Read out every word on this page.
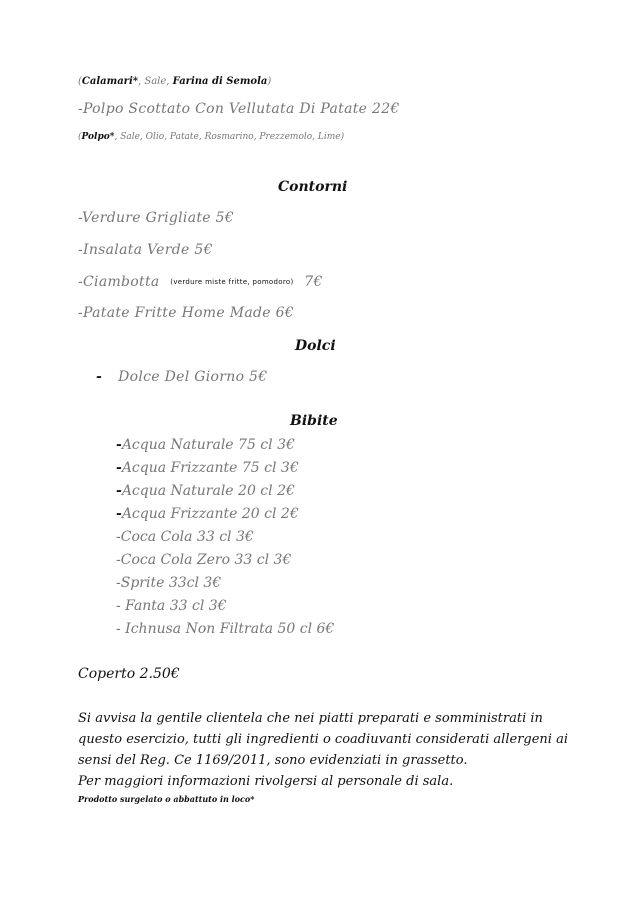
(Calamari*, Sale, Farina di Semola)
-Polpo Scottato Con Vellutata Di Patate 22€
(Polpo*, Sale, Olio, Patate, Rosmarino, Prezzemolo, Lime)
Contorni
-Verdure Grigliate 5€
-Insalata Verde 5€
-Ciambotta (verdure miste fritte, pomodoro) 7€
-Patate Fritte Home Made 6€
Dolci
- Dolce Del Giorno 5€
Bibite
-Acqua Naturale 75 cl 3€
-Acqua Frizzante 75 cl 3€
-Acqua Naturale 20 cl 2€
-Acqua Frizzante 20 cl 2€
-Coca Cola 33 cl 3€
-Coca Cola Zero 33 cl 3€
-Sprite 33cl 3€
- Fanta 33 cl 3€
- Ichnusa Non Filtrata 50 cl 6€
Coperto 2.50€
Si avvisa la gentile clientela che nei piatti preparati e somministrati in
questo esercizio, tutti gli ingredienti o coadiuvanti considerati allergeni ai
sensi del Reg. Ce 1169/2011, sono evidenziati in grassetto.
Per maggiori informazioni rivolgersi al personale di sala.
Prodotto surgelato o abbattuto in loco*
